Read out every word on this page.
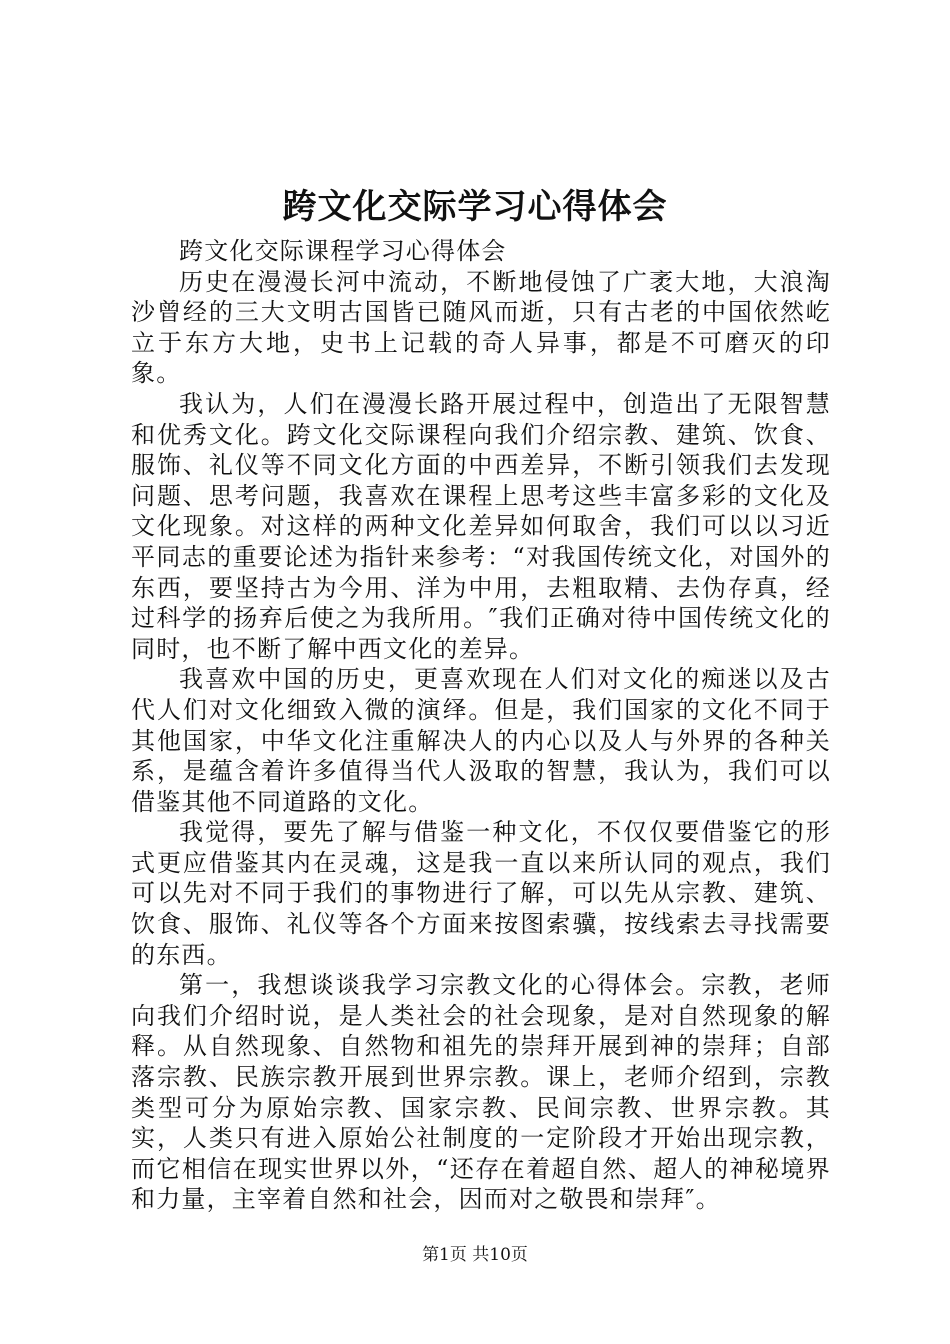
跨文化交际学习心得体会

跨文化交际课程学习心得体会

历史在漫漫长河中流动，不断地侵蚀了广袤大地，大浪淘沙曾经的三大文明古国皆已随风而逝，只有古老的中国依然屹立于东方大地，史书上记载的奇人异事，都是不可磨灭的印象。

我认为，人们在漫漫长路开展过程中，创造出了无限智慧和优秀文化。跨文化交际课程向我们介绍宗教、建筑、饮食、服饰、礼仪等不同文化方面的中西差异，不断引领我们去发现问题、思考问题，我喜欢在课程上思考这些丰富多彩的文化及文化现象。对这样的两种文化差异如何取舍，我们可以以习近平同志的重要论述为指针来参考：“对我国传统文化，对国外的东西，要坚持古为今用、洋为中用，去粗取精、去伪存真，经过科学的扬弃后使之为我所用。″我们正确对待中国传统文化的同时，也不断了解中西文化的差异。

我喜欢中国的历史，更喜欢现在人们对文化的痴迷以及古代人们对文化细致入微的演绎。但是，我们国家的文化不同于其他国家，中华文化注重解决人的内心以及人与外界的各种关系，是蕴含着许多值得当代人汲取的智慧，我认为，我们可以借鉴其他不同道路的文化。

我觉得，要先了解与借鉴一种文化，不仅仅要借鉴它的形式更应借鉴其内在灵魂，这是我一直以来所认同的观点，我们可以先对不同于我们的事物进行了解，可以先从宗教、建筑、饮食、服饰、礼仪等各个方面来按图索骥，按线索去寻找需要的东西。

第一，我想谈谈我学习宗教文化的心得体会。宗教，老师向我们介绍时说，是人类社会的社会现象，是对自然现象的解释。从自然现象、自然物和祖先的崇拜开展到神的崇拜；自部落宗教、民族宗教开展到世界宗教。课上，老师介绍到，宗教类型可分为原始宗教、国家宗教、民间宗教、世界宗教。其实，人类只有进入原始公社制度的一定阶段才开始出现宗教，而它相信在现实世界以外，“还存在着超自然、超人的神秘境界和力量，主宰着自然和社会，因而对之敬畏和崇拜″。

第1页 共10页
